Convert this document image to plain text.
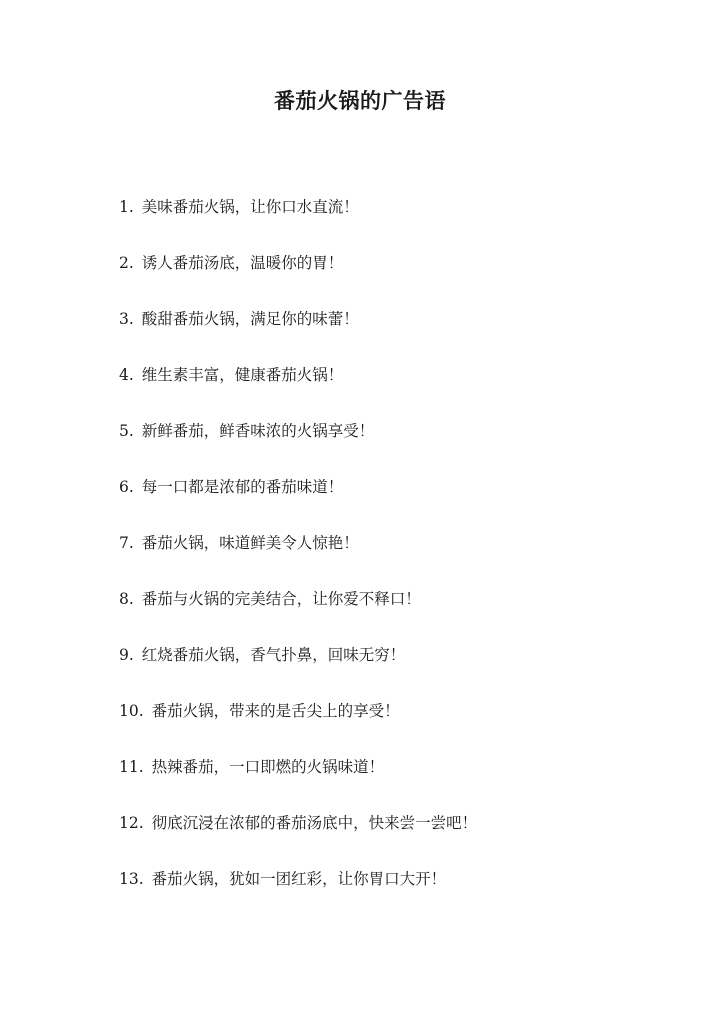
番茄火锅的广告语
1. 美味番茄火锅，让你口水直流！
2. 诱人番茄汤底，温暖你的胃！
3. 酸甜番茄火锅，满足你的味蕾！
4. 维生素丰富，健康番茄火锅！
5. 新鲜番茄，鲜香味浓的火锅享受！
6. 每一口都是浓郁的番茄味道！
7. 番茄火锅，味道鲜美令人惊艳！
8. 番茄与火锅的完美结合，让你爱不释口！
9. 红烧番茄火锅，香气扑鼻，回味无穷！
10. 番茄火锅，带来的是舌尖上的享受！
11. 热辣番茄，一口即燃的火锅味道！
12. 彻底沉浸在浓郁的番茄汤底中，快来尝一尝吧！
13. 番茄火锅，犹如一团红彩，让你胃口大开！
